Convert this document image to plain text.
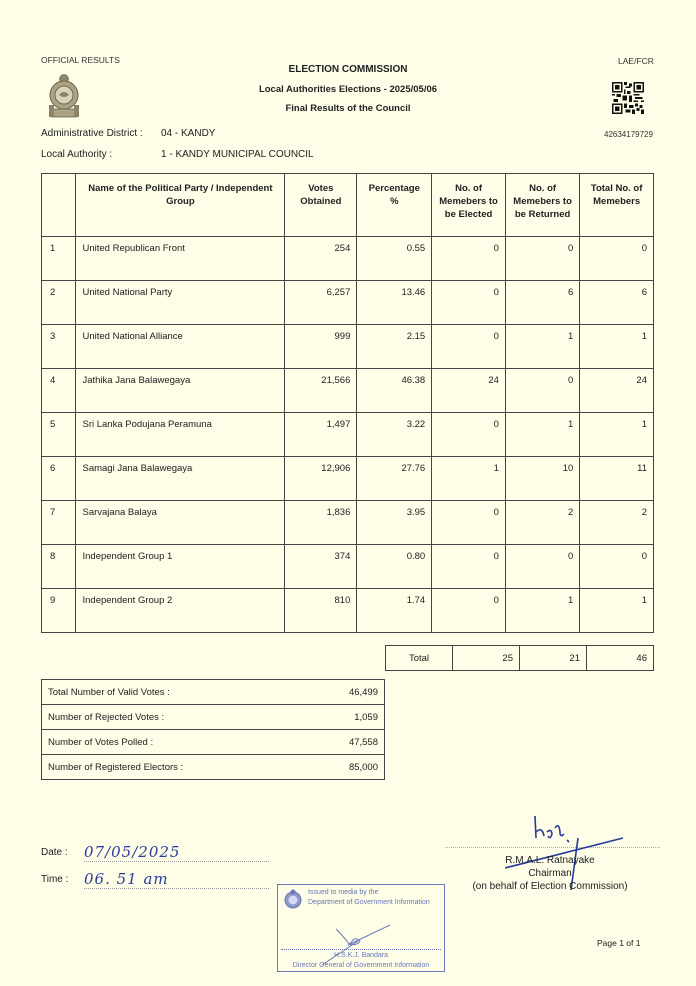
OFFICIAL RESULTS	LAE/FCR
ELECTION COMMISSION
Local Authorities Elections - 2025/05/06
Final Results of the Council
42634179729
Administrative District : 04 - KANDY
Local Authority :	1 - KANDY MUNICIPAL COUNCIL
	Name of the Political Party / Independent Group	Votes Obtained	Percentage %	No. of Memebers to be Elected	No. of Memebers to be Returned	Total No. of Memebers
1	United Republican Front	254	0.55	0	0	0
2	United National Party	6,257	13.46	0	6	6
3	United National Alliance	999	2.15	0	1	1
4	Jathika Jana Balawegaya	21,566	46.38	24	0	24
5	Sri Lanka Podujana Peramuna	1,497	3.22	0	1	1
6	Samagi Jana Balawegaya	12,906	27.76	1	10	11
7	Sarvajana Balaya	1,836	3.95	0	2	2
8	Independent Group 1	374	0.80	0	0	0
9	Independent Group 2	810	1.74	0	1	1
Total	25	21	46
Total Number of Valid Votes :	46,499
Number of Rejected Votes :	1,059
Number of Votes Polled :	47,558
Number of Registered Electors :	85,000
Date : 07/05/2025
Time : 06. 51 am
R.M.A.L. Ratnayake
Chairman
(on behalf of Election Commission)
Issued to media by the
Department of Government Information
H.S.K.J. Bandara
Director General of Government Information
Page 1 of 1
